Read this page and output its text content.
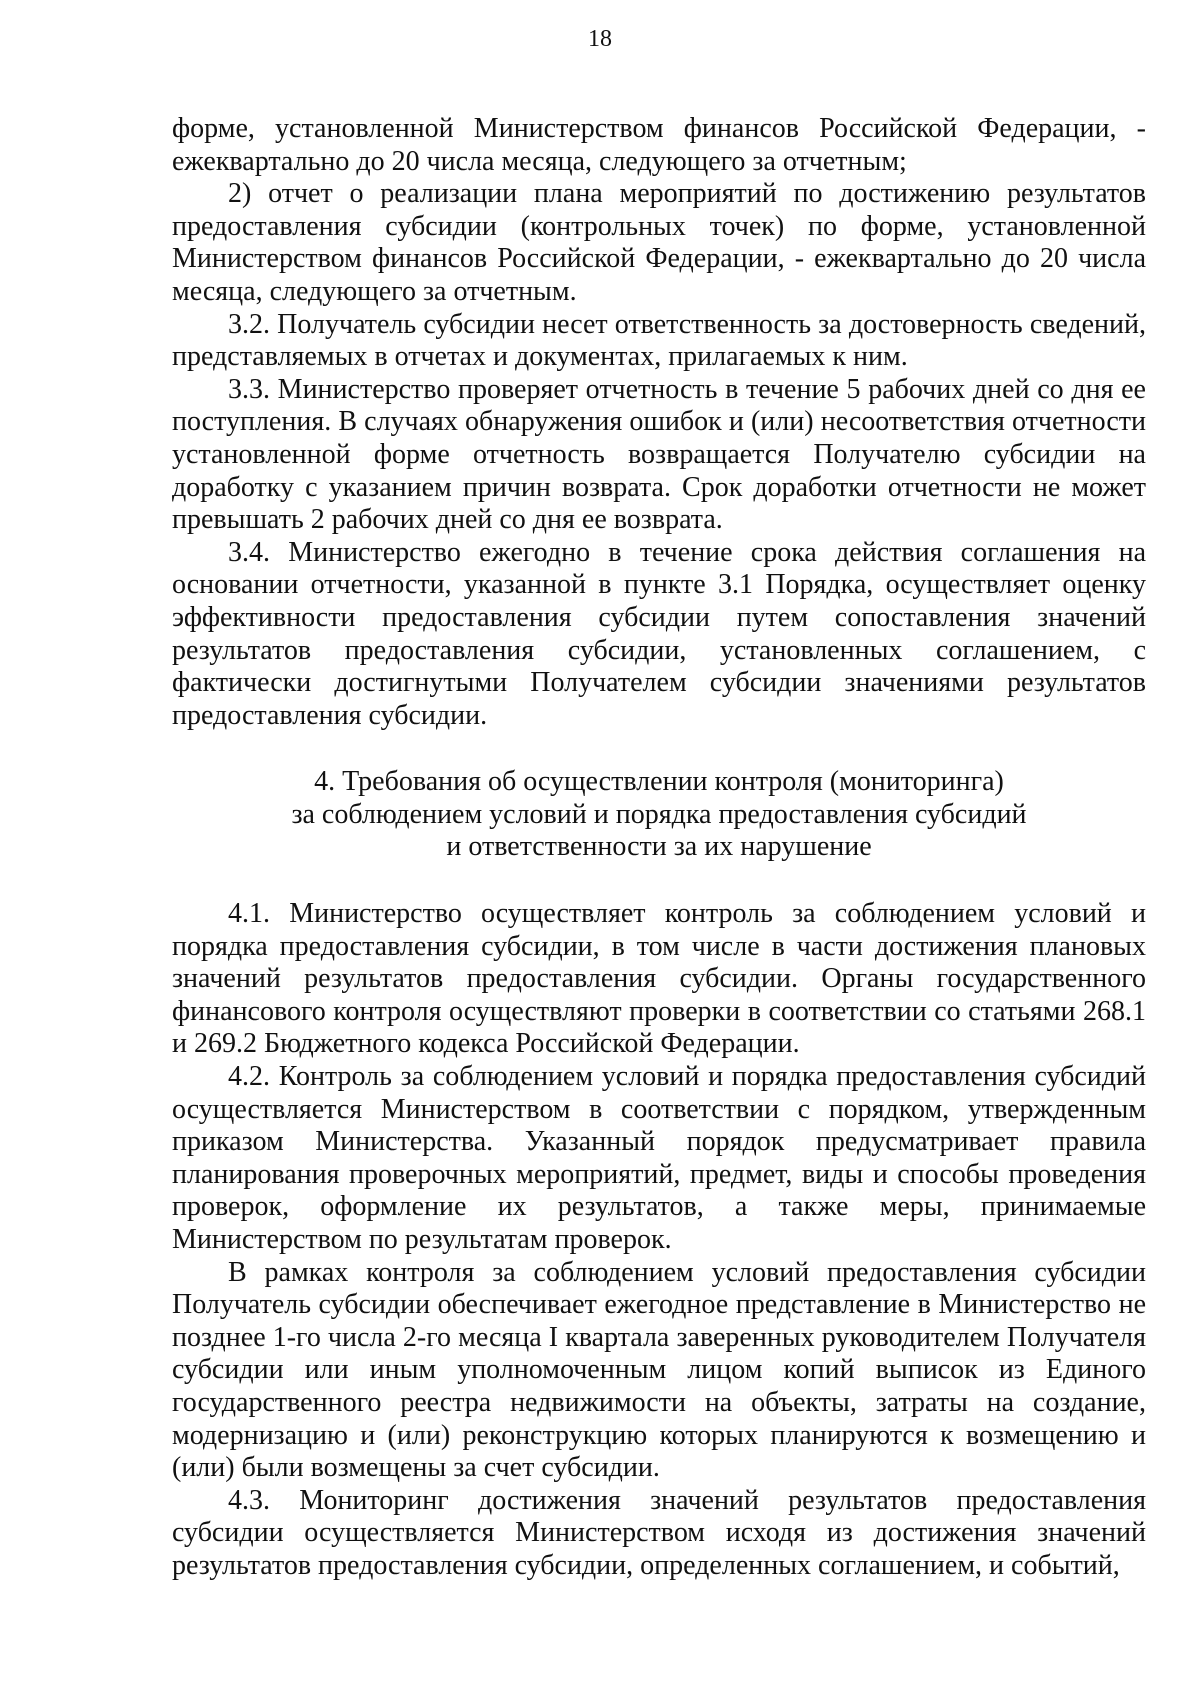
18

форме, установленной Министерством финансов Российской Федерации, - ежеквартально до 20 числа месяца, следующего за отчетным;

2) отчет о реализации плана мероприятий по достижению результатов предоставления субсидии (контрольных точек) по форме, установленной Министерством финансов Российской Федерации, - ежеквартально до 20 числа месяца, следующего за отчетным.

3.2. Получатель субсидии несет ответственность за достоверность сведений, представляемых в отчетах и документах, прилагаемых к ним.

3.3. Министерство проверяет отчетность в течение 5 рабочих дней со дня ее поступления. В случаях обнаружения ошибок и (или) несоответствия отчетности установленной форме отчетность возвращается Получателю субсидии на доработку с указанием причин возврата. Срок доработки отчетности не может превышать 2 рабочих дней со дня ее возврата.

3.4. Министерство ежегодно в течение срока действия соглашения на основании отчетности, указанной в пункте 3.1 Порядка, осуществляет оценку эффективности предоставления субсидии путем сопоставления значений результатов предоставления субсидии, установленных соглашением, с фактически достигнутыми Получателем субсидии значениями результатов предоставления субсидии.

4. Требования об осуществлении контроля (мониторинга)
за соблюдением условий и порядка предоставления субсидий
и ответственности за их нарушение

4.1. Министерство осуществляет контроль за соблюдением условий и порядка предоставления субсидии, в том числе в части достижения плановых значений результатов предоставления субсидии. Органы государственного финансового контроля осуществляют проверки в соответствии со статьями 268.1 и 269.2 Бюджетного кодекса Российской Федерации.

4.2. Контроль за соблюдением условий и порядка предоставления субсидий осуществляется Министерством в соответствии с порядком, утвержденным приказом Министерства. Указанный порядок предусматривает правила планирования проверочных мероприятий, предмет, виды и способы проведения проверок, оформление их результатов, а также меры, принимаемые Министерством по результатам проверок.

В рамках контроля за соблюдением условий предоставления субсидии Получатель субсидии обеспечивает ежегодное представление в Министерство не позднее 1-го числа 2-го месяца I квартала заверенных руководителем Получателя субсидии или иным уполномоченным лицом копий выписок из Единого государственного реестра недвижимости на объекты, затраты на создание, модернизацию и (или) реконструкцию которых планируются к возмещению и (или) были возмещены за счет субсидии.

4.3. Мониторинг достижения значений результатов предоставления субсидии осуществляется Министерством исходя из достижения значений результатов предоставления субсидии, определенных соглашением, и событий,
